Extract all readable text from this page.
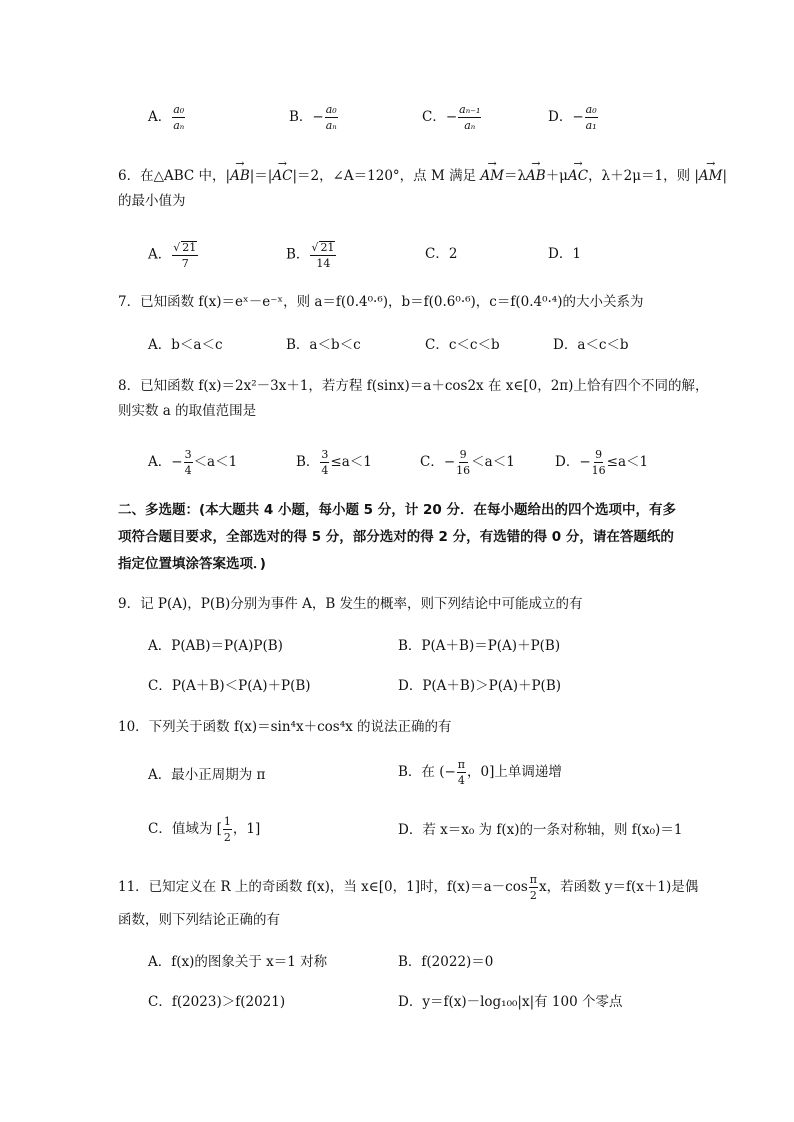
A． $\frac{\text{a₀}}{\text{aₙ}}$	B．− $\frac{\text{a₀}}{\text{aₙ}}$	C．− $\frac{\text{aₙ₋₁}}{\text{aₙ}}$	D．− $\frac{\text{a₀}}{\text{a₁}}$
6．在△ABC 中，|→ AB|＝|→ AC|＝2，∠A＝120°，点 M 满足 → AM＝λ→ AB＋μ→ AC，λ＋2μ＝1，则 |→ AM|
的最小值为
A． $\frac{√ 21}{7}$	B． $\frac{√ 21}{14}$	C．2	D．1
7．已知函数 f(x)＝eˣ－e⁻ˣ，则 a＝f(0.4⁰·⁶)，b＝f(0.6⁰·⁶)，c＝f(0.4⁰·⁴)的大小关系为
A．b＜a＜c	B．a＜b＜c	C．c＜c＜b	D．a＜c＜b
8．已知函数 f(x)＝2x²－3x＋1，若方程 f(sinx)＝a＋cos2x 在 x∈[0，2π)上恰有四个不同的解，
则实数 a 的取值范围是
A．− $\frac{3}{4} <a<1$	B． $\frac{3}{4} \le a<1$	C．− $\frac{9}{16} <a<1$	D．− $\frac{9}{16} \le a<1$
二、多选题：(本大题共 4 小题，每小题 5 分，计 20 分．在每小题给出的四个选项中，有多
项符合题目要求，全部选对的得 5 分，部分选对的得 2 分，有选错的得 0 分，请在答题纸的
指定位置填涂答案选项．)
9．记 P(A)，P(B)分别为事件 A，B 发生的概率，则下列结论中可能成立的有
A．P(AB)＝P(A)P(B)	B．P(A＋B)＝P(A)＋P(B)
C．P(A＋B)＜P(A)＋P(B)	D．P(A＋B)＞P(A)＋P(B)
10．下列关于函数 f(x)＝sin⁴x＋cos⁴x 的说法正确的有
A．最小正周期为 π	B．在 (− $\frac{\pi}{4}$ ，0]上单调递增
C．值域为 [ $\frac{1}{2}$ ，1]	D．若 x＝x₀ 为 f(x)的一条对称轴，则 f(x₀)＝1
11．已知定义在 R 上的奇函数 f(x)，当 x∈[0，1]时，$f(x)=a-\cos \frac{\pi}{2}$ x，若函数 y＝f(x＋1)是偶
函数，则下列结论正确的有
A．f(x)的图象关于 x＝1 对称	B．f(2022)＝0
C．f(2023)＞f(2021)	D．y＝f(x)－log₁₀₀|x|有 100 个零点
